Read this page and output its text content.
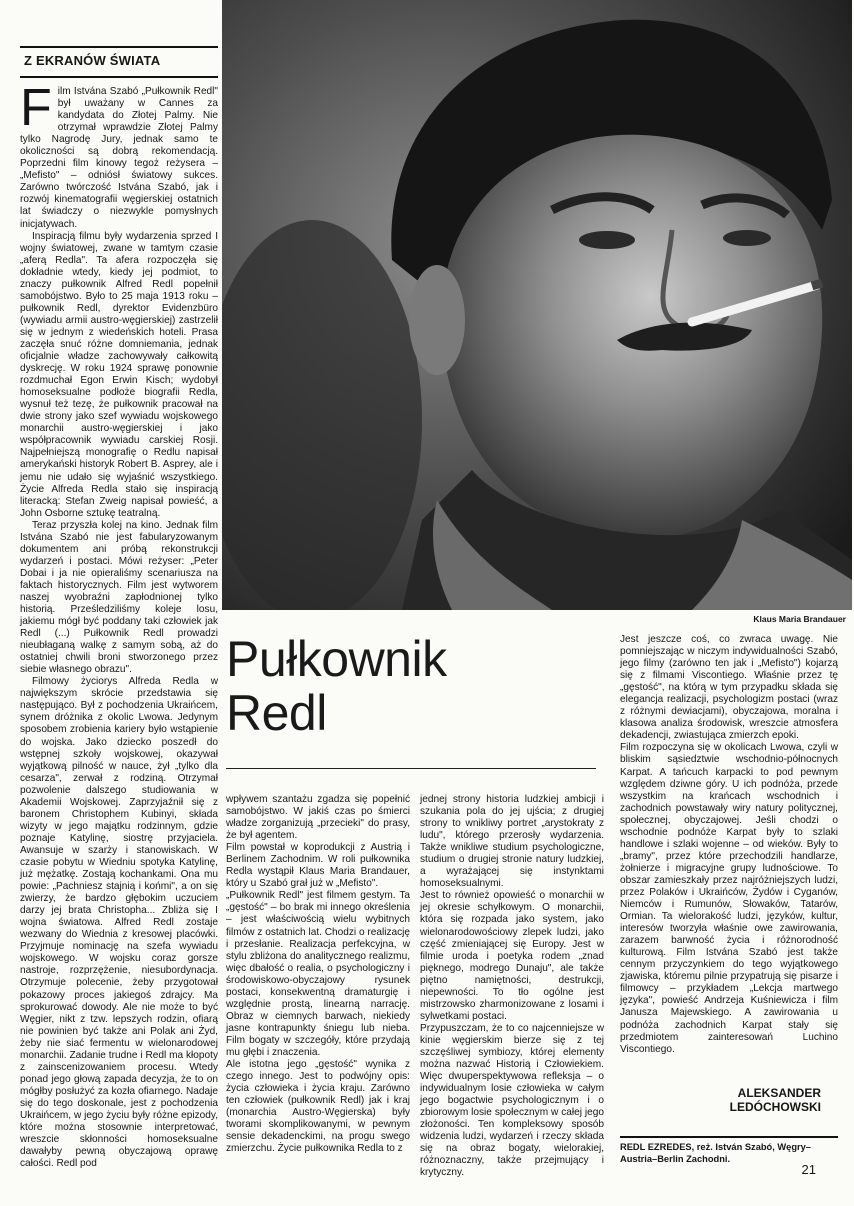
Z EKRANÓW ŚWIATA

Film Istvána Szabó „Pułkownik Redl" był uważany w Cannes za kandydata do Złotej Palmy. Nie otrzymał wprawdzie Złotej Palmy tylko Nagrodę Jury, jednak samo te okoliczności są dobrą rekomendacją. Poprzedni film kinowy tegoż reżysera – „Mefisto" – odniósł światowy sukces. Zarówno twórczość Istvána Szabó, jak i rozwój kinematografii węgierskiej ostatnich lat świadczy o niezwykle pomysłnych inicjatywach.

Inspiracją filmu były wydarzenia sprzed I wojny światowej, zwane w tamtym czasie „aferą Redla". Ta afera rozpoczęła się dokładnie wtedy, kiedy jej podmiot, to znaczy pułkownik Alfred Redl popełnił samobójstwo. Było to 25 maja 1913 roku – pułkownik Redl, dyrektor Evidenzbüro (wywiadu armii austro-węgierskiej) zastrzelił się w jednym z wiedeńskich hoteli. Prasa zaczęła snuć różne domniemania, jednak oficjalnie władze zachowywały całkowitą dyskrecję. W roku 1924 sprawę ponownie rozdmuchał Egon Erwin Kisch; wydobył homoseksualne podłoże biografii Redla, wysnuł też tezę, że pułkownik pracował na dwie strony jako szef wywiadu wojskowego monarchii austro-węgierskiej i jako współpracownik wywiadu carskiej Rosji. Najpełniejszą monografię o Redlu napisał amerykański historyk Robert B. Asprey, ale i jemu nie udało się wyjaśnić wszystkiego. Życie Alfreda Redla stało się inspiracją literacką: Stefan Zweig napisał powieść, a John Osborne sztukę teatralną.

Teraz przyszła kolej na kino. Jednak film Istvána Szabó nie jest fabularyzowanym dokumentem ani próbą rekonstrukcji wydarzeń i postaci. Mówi reżyser: „Peter Dobai i ja nie opieraliśmy scenariusza na faktach historycznych. Film jest wytworem naszej wyobraźni zapłodnionej tylko historią. Prześledziliśmy koleje losu, jakiemu mógł być poddany taki człowiek jak Redl (...) Pułkownik Redl prowadzi nieubłaganą walkę z samym sobą, aż do ostatniej chwili broni stworzonego przez siebie własnego obrazu".

Filmowy życiorys Alfreda Redla w największym skrócie przedstawia się następująco. Był z pochodzenia Ukraińcem, synem dróżnika z okolic Lwowa. Jedynym sposobem zrobienia kariery było wstąpienie do wojska. Jako dziecko poszedł do wstępnej szkoły wojskowej, okazywał wyjątkową pilność w nauce, żył „tylko dla cesarza", zerwał z rodziną. Otrzymał pozwolenie dalszego studiowania w Akademii Wojskowej. Zaprzyjaźnił się z baronem Christophem Kubinyi, składa wizyty w jego majątku rodzinnym, gdzie poznaje Katylinę, siostrę przyjaciela. Awansuje w szarży i stanowiskach. W czasie pobytu w Wiedniu spotyka Katylinę, już mężatkę. Zostają kochankami. Ona mu powie: „Pachniesz stajnią i końmi", a on się zwierzy, że bardzo głębokim uczuciem darzy jej brata Christopha... Zbliża się I wojna światowa. Alfred Redl zostaje wezwany do Wiednia z kresowej placówki. Przyjmuje nominację na szefa wywiadu wojskowego. W wojsku coraz gorsze nastroje, rozprzężenie, niesubordynacja. Otrzymuje polecenie, żeby przygotował pokazowy proces jakiegoś zdrajcy. Ma sprokurować dowody. Ale nie może to być Węgier, nikt z tzw. lepszych rodzin, ofiarą nie powinien być także ani Polak ani Żyd, żeby nie siać fermentu w wielonarodowej monarchii. Zadanie trudne i Redl ma kłopoty z zainscenizowaniem procesu. Wtedy ponad jego głową zapada decyzja, że to on mógłby posłużyć za kozła ofiarnego. Nadaje się do tego doskonale, jest z pochodzenia Ukraińcem, w jego życiu były różne epizody, które można stosownie interpretować, wreszcie skłonności homoseksualne dawałyby pewną obyczajową oprawę całości. Redl pod

Klaus Maria Brandauer
Pułkownik
Redl
wpływem szantażu zgadza się popełnić samobójstwo. W jakiś czas po śmierci władze zorganizują „przecieki" do prasy, że był agentem.
Film powstał w koprodukcji z Austrią i Berlinem Zachodnim. W roli pułkownika Redla wystąpił Klaus Maria Brandauer, który u Szabó grał już w „Mefisto".
„Pułkownik Redl" jest filmem gestym. Ta „gęstość" – bo brak mi innego określenia – jest właściwością wielu wybitnych filmów z ostatnich lat. Chodzi o realizację i przesłanie. Realizacja perfekcyjna, w stylu zbliżona do analitycznego realizmu, więc dbałość o realia, o psychologiczny i środowiskowo-obyczajowy rysunek postaci, konsekwentną dramaturgię i względnie prostą, linearną narrację. Obraz w ciemnych barwach, niekiedy jasne kontrapunkty śniegu lub nieba. Film bogaty w szczegóły, które przydają mu głębi i znaczenia.
Ale istotna jego „gęstość" wynika z czego innego. Jest to podwójny opis: życia człowieka i życia kraju. Zarówno ten człowiek (pułkownik Redl) jak i kraj (monarchia Austro-Węgierska) były tworami skomplikowanymi, w pewnym sensie dekadenckimi, na progu swego zmierzchu. Życie pułkownika Redla to z
jednej strony historia ludzkiej ambicji i szukania pola do jej ujścia; z drugiej strony to wnikliwy portret „arystokraty z ludu", którego przerosły wydarzenia. Także wnikliwe studium psychologiczne, studium o drugiej stronie natury ludzkiej, a wyrażającej się instynktami homoseksualnymi.
Jest to również opowieść o monarchii w jej okresie schyłkowym. O monarchii, która się rozpada jako system, jako wielonarodowościowy zlepek ludzi, jako część zmieniającej się Europy. Jest w filmie uroda i poetyka rodem „znad pięknego, modrego Dunaju", ale także piętno namiętności, destrukcji, niepewności. To tło ogólne jest mistrzowsko zharmonizowane z losami i sylwetkami postaci.
Przypuszczam, że to co najcenniejsze w kinie węgierskim bierze się z tej szczęśliwej symbiozy, której elementy można nazwać Historią i Człowiekiem. Więc dwuperspektywowa refleksja – o indywidualnym losie człowieka w całym jego bogactwie psychologicznym i o zbiorowym losie społecznym w całej jego złożoności. Ten kompleksowy sposób widzenia ludzi, wydarzeń i rzeczy składa się na obraz bogaty, wielorakiej, różnoznaczny, także przejmujący i krytyczny.
Jest jeszcze coś, co zwraca uwagę. Nie pomniejszając w niczym indywidualności Szabó, jego filmy (zarówno ten jak i „Mefisto") kojarzą się z filmami Viscontiego. Właśnie przez tę „gęstość", na którą w tym przypadku składa się elegancja realizacji, psychologizm postaci (wraz z różnymi dewiacjami), obyczajowa, moralna i klasowa analiza środowisk, wreszcie atmosfera dekadencji, zwiastująca zmierzch epoki.
Film rozpoczyna się w okolicach Lwowa, czyli w bliskim sąsiedztwie wschodnio-północnych Karpat. A tańcuch karpacki to pod pewnym względem dziwne góry. U ich podnóża, przede wszystkim na krańcach wschodnich i zachodnich powstawały wiry natury politycznej, społecznej, obyczajowej. Jeśli chodzi o wschodnie podnóże Karpat były to szlaki handlowe i szlaki wojenne – od wieków. Były to „bramy", przez które przechodzili handlarze, żołnierze i migracyjne grupy ludnościowe. To obszar zamieszkały przez najróżniejszych ludzi, przez Polaków i Ukraińców, Żydów i Cyganów, Niemców i Rumunów, Słowaków, Tatarów, Ormian. Ta wielorakość ludzi, języków, kultur, interesów tworzyła właśnie owe zawirowania, zarazem barwność życia i różnorodność kulturową. Film Istvána Szabó jest także cennym przyczynkiem do tego wyjątkowego zjawiska, któremu pilnie przypatrują się pisarze i filmowcy – przykładem „Lekcja martwego języka", powieść Andrzeja Kuśniewicza i film Janusza Majewskiego. A zawirowania u podnóża zachodnich Karpat stały się przedmiotem zainteresowań Luchino Viscontiego.
ALEKSANDER
LEDÓCHOWSKI
REDL EZREDES, reż. István Szabó, Węgry–Austria–Berlin Zachodni.
21
